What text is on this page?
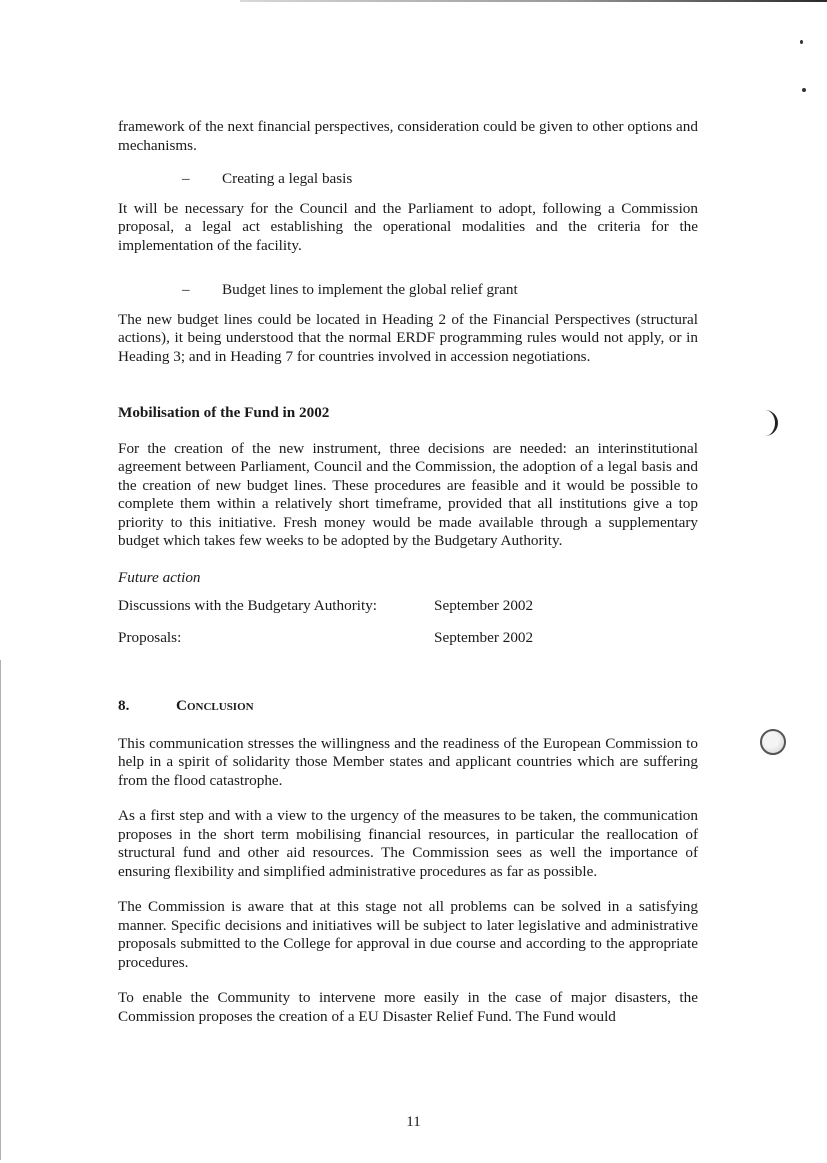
framework of the next financial perspectives, consideration could be given to other options and mechanisms.

–	Creating a legal basis

It will be necessary for the Council and the Parliament to adopt, following a Commission proposal, a legal act establishing the operational modalities and the criteria for the implementation of the facility.

–	Budget lines to implement the global relief grant

The new budget lines could be located in Heading 2 of the Financial Perspectives (structural actions), it being understood that the normal ERDF programming rules would not apply, or in Heading 3; and in Heading 7 for countries involved in accession negotiations.

Mobilisation of the Fund in 2002

For the creation of the new instrument, three decisions are needed: an interinstitutional agreement between Parliament, Council and the Commission, the adoption of a legal basis and the creation of new budget lines. These procedures are feasible and it would be possible to complete them within a relatively short timeframe, provided that all institutions give a top priority to this initiative. Fresh money would be made available through a supplementary budget which takes few weeks to be adopted by the Budgetary Authority.

Future action
Discussions with the Budgetary Authority:	September 2002
Proposals:	September 2002
8.	Conclusion

This communication stresses the willingness and the readiness of the European Commission to help in a spirit of solidarity those Member states and applicant countries which are suffering from the flood catastrophe.

As a first step and with a view to the urgency of the measures to be taken, the communication proposes in the short term mobilising financial resources, in particular the reallocation of structural fund and other aid resources. The Commission sees as well the importance of ensuring flexibility and simplified administrative procedures as far as possible.

The Commission is aware that at this stage not all problems can be solved in a satisfying manner. Specific decisions and initiatives will be subject to later legislative and administrative proposals submitted to the College for approval in due course and according to the appropriate procedures.

To enable the Community to intervene more easily in the case of major disasters, the Commission proposes the creation of a EU Disaster Relief Fund. The Fund would

11
